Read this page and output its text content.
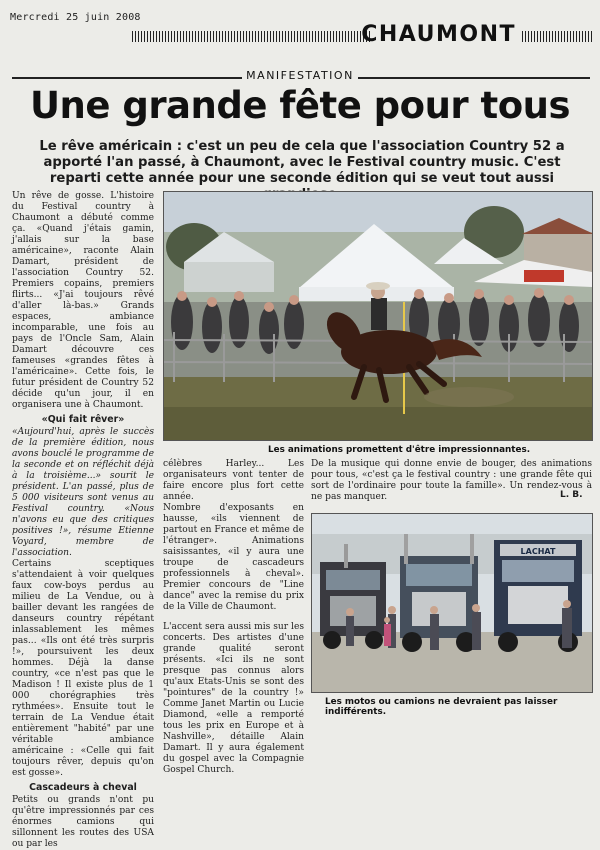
Mercredi 25 juin 2008
CHAUMONT
MANIFESTATION
Une grande fête pour tous
Le rêve américain : c'est un peu de cela que l'association Country 52 a apporté l'an passé, à Chaumont, avec le Festival country music. C'est reparti cette année pour une seconde édition qui se veut tout aussi

Un rêve de gosse. L'histoire du Festival country à Chaumont a débuté comme ça. «Quand j'étais gamin, j'allais sur la base américaine», raconte Alain Damart, président de l'association Country 52. Premiers copains, premiers flirts... «J'ai toujours rêvé d'aller là-bas.» Grands espaces, ambiance incomparable, une fois au pays de l'Oncle Sam, Alain Damart découvre ces fameuses «grandes fêtes à l'américaine». Cette fois, le futur président de Country 52 décide qu'un jour, il en organisera une à Chaumont.

«Qui fait rêver»

«Aujourd'hui, après le succès de la première édition, nous avons bouclé le programme de la seconde et on réfléchit déjà à la troisième...» sourit le président. L'an passé, plus de 5 000 visiteurs sont venus au Festival country. «Nous n'avons eu que des critiques positives !», résume Etienne Voyard, membre de l'association.

Certains sceptiques s'attendaient à voir quelques faux cow-boys perdus au milieu de La Vendue, ou à bailler devant les rangées de danseurs country répétant inlassablement les mêmes pas... «Ils ont été très surpris !», poursuivent les deux hommes. Déjà la danse country, «ce n'est pas que le Madison ! Il existe plus de 1 000 chorégraphies très rythmées». Ensuite tout le terrain de La Vendue était entièrement "habité" par une véritable ambiance américaine : «Celle qui fait toujours rêver, depuis qu'on est gosse».

Cascadeurs à cheval

Petits ou grands n'ont pu qu'être impressionnés par ces énormes camions qui sillonnent les routes des USA ou par les

Les animations promettent d'être impressionnantes.

célèbres Harley... Les organisateurs vont tenter de faire encore plus fort cette année.

Nombre d'exposants en hausse, «ils viennent de partout en France et même de l'étranger». Animations saisissantes, «il y aura une troupe de cascadeurs professionnels à cheval». Premier concours de "Line dance" avec la remise du prix de la Ville de Chaumont.

L'accent sera aussi mis sur les concerts. Des artistes d'une grande qualité seront présents. «Ici ils ne sont presque pas connus alors qu'aux Etats-Unis se sont des "pointures" de la country !» Comme Janet Martin ou Lucie Diamond, «elle a remporté tous les prix en Europe et à Nashville», détaille Alain Damart. Il y aura également du gospel avec la Compagnie Gospel Church.

De la musique qui donne envie de bouger, des animations pour tous, «c'est ça le festival country : une grande fête qui sort de l'ordinaire pour toute la famille». Un rendez-vous à ne pas manquer.	L. B.
LACHAT
Les motos ou camions ne devraient pas laisser indifférents.
